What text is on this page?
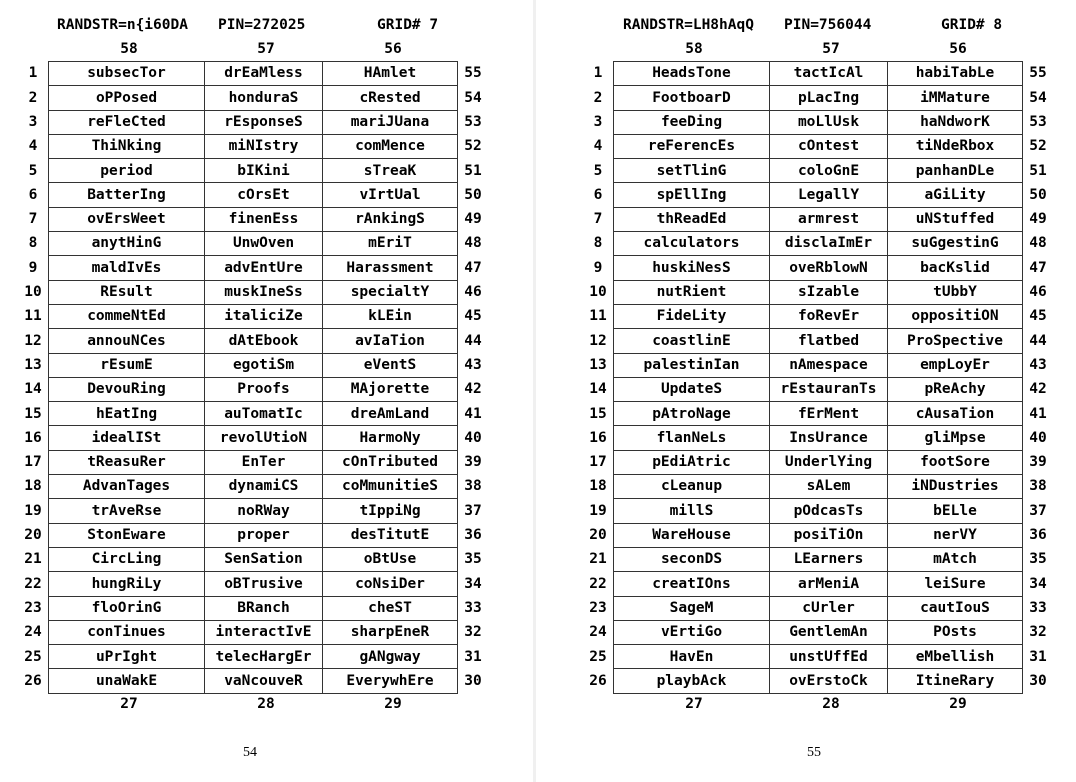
RANDSTR=n{i60DA PIN=272025	GRID# 7
58	57	56
1	subsecTor	drEaMless	HAmlet	55
2	oPPosed	honduraS	cRested	54
3	reFleCted	rEsponseS	mariJUana	53
4	ThiNking	miNIstry	comMence	52
5	period	bIKini	sTreaK	51
6	BatterIng	cOrsEt	vIrtUal	50
7	ovErsWeet	finenEss	rAnkingS	49
8	anytHinG	UnwOven	mEriT	48
9	maldIvEs	advEntUre	Harassment	47
10	REsult	muskIneSs	specialtY	46
11	commeNtEd	italiciZe	kLEin	45
12	annouNCes	dAtEbook	avIaTion	44
13	rEsumE	egotiSm	eVentS	43
14	DevouRing	Proofs	MAjorette	42
15	hEatIng	auTomatIc	dreAmLand	41
16	idealISt	revolUtioN	HarmoNy	40
17	tReasuRer	EnTer	cOnTributed	39
18	AdvanTages	dynamiCS	coMmunitieS	38
19	trAveRse	noRWay	tIppiNg	37
20	StonEware	proper	desTitutE	36
21	CircLing	SenSation	oBtUse	35
22	hungRiLy	oBTrusive	coNsiDer	34
23	floOrinG	BRanch	cheST	33
24	conTinues	interactIvE	sharpEneR	32
25	uPrIght	telecHargEr	gANgway	31
26	unaWakE	vaNcouveR	EverywhEre	30
27	28	29
54
RANDSTR=LH8hAqQ PIN=756044	GRID# 8
58	57	56
1	HeadsTone	tactIcAl	habiTabLe	55
2	FootboarD	pLacIng	iMMature	54
3	feeDing	moLlUsk	haNdworK	53
4	reFerencEs	cOntest	tiNdeRbox	52
5	setTlinG	coloGnE	panhanDLe	51
6	spEllIng	LegallY	aGiLity	50
7	thReadEd	armrest	uNStuffed	49
8	calculators	disclaImEr	suGgestinG	48
9	huskiNesS	oveRblowN	bacKslid	47
10	nutRient	sIzable	tUbbY	46
11	FideLity	foRevEr	oppositiON	45
12	coastlinE	flatbed	ProSpective	44
13	palestinIan	nAmespace	empLoyEr	43
14	UpdateS	rEstauranTs	pReAchy	42
15	pAtroNage	fErMent	cAusaTion	41
16	flanNeLs	InsUrance	gliMpse	40
17	pEdiAtric	UnderlYing	footSore	39
18	cLeanup	sALem	iNDustries	38
19	millS	pOdcasTs	bELle	37
20	WareHouse	posiTiOn	nerVY	36
21	seconDS	LEarners	mAtch	35
22	creatIOns	arMeniA	leiSure	34
23	SageM	cUrler	cautIouS	33
24	vErtiGo	GentlemAn	POsts	32
25	HavEn	unstUffEd	eMbellish	31
26	playbAck	ovErstoCk	ItineRary	30
27	28	29
55
